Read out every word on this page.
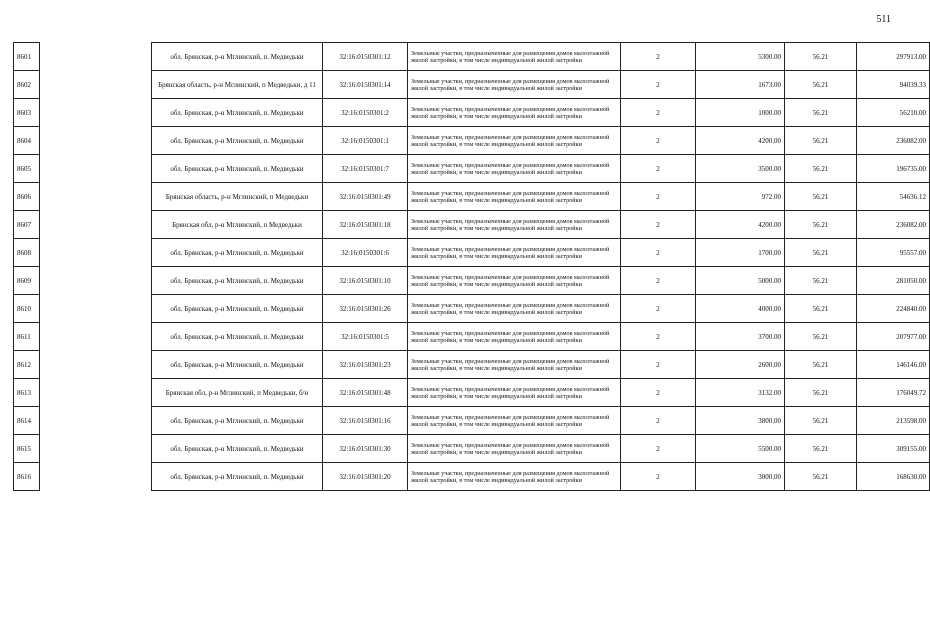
511
8601		обл. Брянская, р-н Мглинский, п. Медведьки	32:16:0150301:12	Земельные участки, предназначенные для размещения домов малоэтажной жилой застройки, в том числе индивидуальной жилой застройки	2	5300.00	56.21	297913.00
8602		Брянская область, р-н Мглинский, п Медведьки, д 11	32:16:0150301:14	Земельные участки, предназначенные для размещения домов малоэтажной жилой застройки, в том числе индивидуальной жилой застройки	2	1673.00	56.21	94039.33
8603		обл. Брянская, р-н Мглинский, п. Медведьки	32:16:0150301:2	Земельные участки, предназначенные для размещения домов малоэтажной жилой застройки, в том числе индивидуальной жилой застройки	2	1000.00	56.21	56210.00
8604		обл. Брянская, р-н Мглинский, п. Медведьки	32:16:0150301:1	Земельные участки, предназначенные для размещения домов малоэтажной жилой застройки, в том числе индивидуальной жилой застройки	2	4200.00	56.21	236082.00
8605		обл. Брянская, р-н Мглинский, п. Медведьки	32:16:0150301:7	Земельные участки, предназначенные для размещения домов малоэтажной жилой застройки, в том числе индивидуальной жилой застройки	2	3500.00	56.21	196735.00
8606		Брянская область, р-н Мглинский, п Медведьки	32:16:0150301:49	Земельные участки, предназначенные для размещения домов малоэтажной жилой застройки, в том числе индивидуальной жилой застройки	2	972.00	56.21	54636.12
8607		Брянская обл, р-н Мглинский, п Медведьки	32:16:0150301:18	Земельные участки, предназначенные для размещения домов малоэтажной жилой застройки, в том числе индивидуальной жилой застройки	2	4200.00	56.21	236082.00
8608		обл. Брянская, р-н Мглинский, п. Медведьки	32:16:0150301:6	Земельные участки, предназначенные для размещения домов малоэтажной жилой застройки, в том числе индивидуальной жилой застройки	2	1700.00	56.21	95557.00
8609		обл. Брянская, р-н Мглинский, п. Медведьки	32:16:0150301:10	Земельные участки, предназначенные для размещения домов малоэтажной жилой застройки, в том числе индивидуальной жилой застройки	2	5000.00	56.21	281050.00
8610		обл. Брянская, р-н Мглинский, п. Медведьки	32:16:0150301:26	Земельные участки, предназначенные для размещения домов малоэтажной жилой застройки, в том числе индивидуальной жилой застройки	2	4000.00	56.21	224840.00
8611		обл. Брянская, р-н Мглинский, п. Медведьки	32:16:0150301:5	Земельные участки, предназначенные для размещения домов малоэтажной жилой застройки, в том числе индивидуальной жилой застройки	2	3700.00	56.21	207977.00
8612		обл. Брянская, р-н Мглинский, п. Медведьки	32:16:0150301:23	Земельные участки, предназначенные для размещения домов малоэтажной жилой застройки, в том числе индивидуальной жилой застройки	2	2600.00	56.21	146146.00
8613		Брянская обл, р-н Мглинский, п Медведьки, б/н	32:16:0150301:48	Земельные участки, предназначенные для размещения домов малоэтажной жилой застройки, в том числе индивидуальной жилой застройки	2	3132.00	56.21	176049.72
8614		обл. Брянская, р-н Мглинский, п. Медведьки	32:16:0150301:16	Земельные участки, предназначенные для размещения домов малоэтажной жилой застройки, в том числе индивидуальной жилой застройки	2	3800.00	56.21	213598.00
8615		обл. Брянская, р-н Мглинский, п. Медведьки	32:16:0150301:30	Земельные участки, предназначенные для размещения домов малоэтажной жилой застройки, в том числе индивидуальной жилой застройки	2	5500.00	56.21	309155.00
8616		обл. Брянская, р-н Мглинский, п. Медведьки	32:16:0150301:20	Земельные участки, предназначенные для размещения домов малоэтажной жилой застройки, в том числе индивидуальной жилой застройки	2	3000.00	56.21	168630.00
